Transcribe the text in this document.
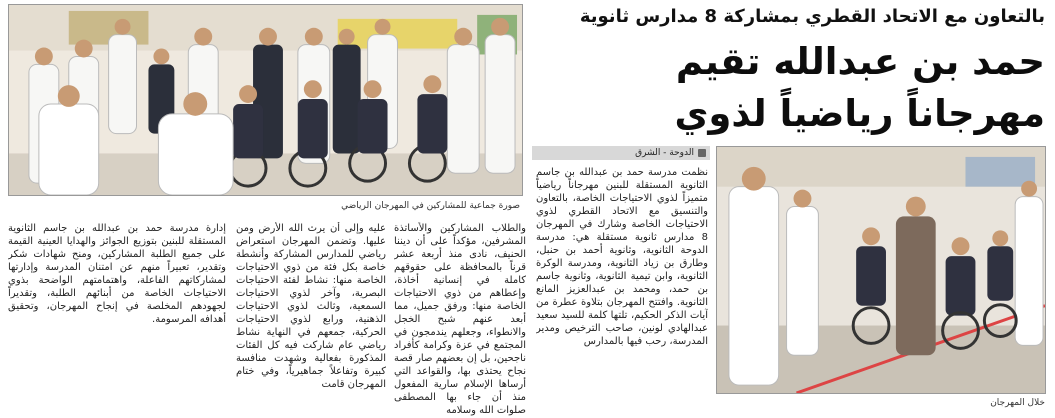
بالتعاون مع الاتحاد القطري بمشاركة 8 مدارس ثانوية
حمد بن عبدالله تقيم مهرجاناً رياضياً لذوي
صورة جماعية للمشاركين في المهرجان الرياضي
خلال المهرجان
الدوحة - الشرق

نظمت مدرسة حمد بن عبدالله بن جاسم الثانوية المستقلة للبنين مهرجاناً رياضياً متميزاً لذوي الاحتياجات الخاصة، بالتعاون والتنسيق مع الاتحاد القطري لذوي الاحتياجات الخاصة وشارك في المهرجان 8 مدارس ثانوية مستقلة هي: مدرسة الدوحة الثانوية، وثانوية أحمد بن حنبل، وطارق بن زياد الثانوية، ومدرسة الوكرة الثانوية، وابن تيمية الثانوية، وثانوية جاسم بن حمد، ومحمد بن عبدالعزيز المانع الثانوية. وافتتح المهرجان بتلاوة عطرة من آيات الذكر الحكيم، تلتها كلمة للسيد سعيد عبدالهادي لونين، صاحب الترخيص ومدير المدرسة، رحب فيها بالمدارس

والطلاب المشاركين والأساتذة المشرفين، مؤكداً على أن ديننا الحنيف، نادى منذ أربعة عشر قرناً بالمحافظة على حقوقهم كاملة في إنسانية أخاذة، وإعطاهم من ذوي الاحتياجات الخاصة منها: ورفق جميل، مما أبعد عنهم شبح الخجل والانطواء، وجعلهم يندمجون في المجتمع في عزة وكرامة كأفراد ناجحين، بل إن بعضهم صار قصة نجاح يحتذى بها، والقواعد التي أرساها الإسلام سارية المفعول منذ أن جاء بها المصطفى صلوات الله وسلامه

عليه وإلى أن يرث الله الأرض ومن عليها. وتضمن المهرجان استعراض رياضي للمدارس المشاركة وأنشطة خاصة بكل فئة من ذوي الاحتياجات الخاصة منها: نشاط لفئة الاحتياجات البصرية، وآخر لذوي الاحتياجات السمعية، وثالث لذوي الاحتياجات الذهنية، ورابع لذوي الاحتياجات الحركية، جمعهم في النهاية نشاط رياضي عام شاركت فيه كل الفئات المذكورة بفعالية وشهدت منافسة كبيرة وتفاعلاً جماهيرياً، وفي ختام المهرجان قامت

إدارة مدرسة حمد بن عبدالله بن جاسم الثانوية المستقلة للبنين بتوزيع الجوائز والهدايا العينية القيمة على جميع الطلبة المشاركين، ومنح شهادات شكر وتقدير، تعبيراً منهم عن امتنان المدرسة وإدارتها لمشاركاتهم الفاعلة، واهتمامتهم الواضحة بذوي الاحتياجات الخاصة من أبنائهم الطلبة، وتقديراً لجهودهم المخلصة في إنجاح المهرجان، وتحقيق أهدافه المرسومة.
